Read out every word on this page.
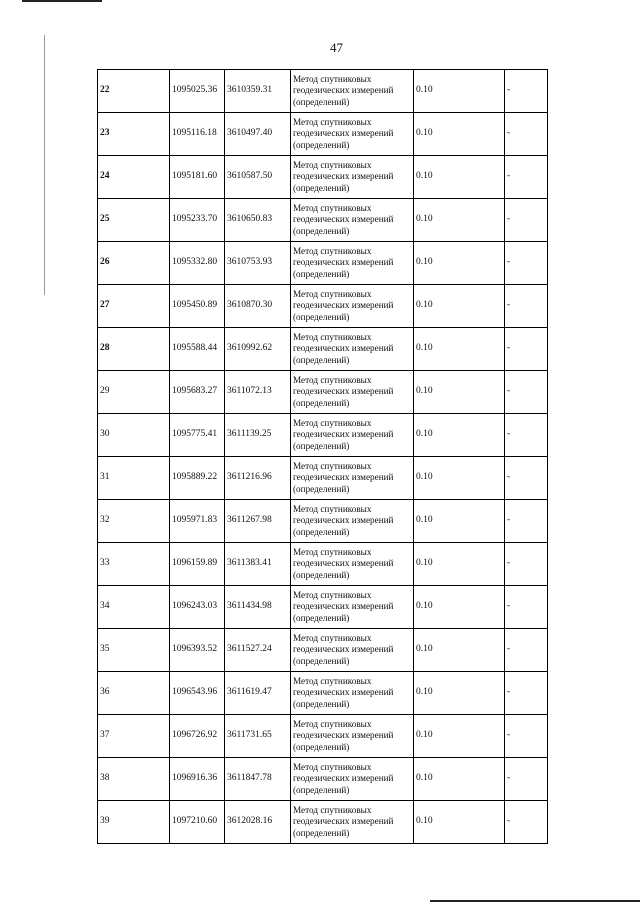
47
22	1095025.36	3610359.31	Метод спутниковых геодезических измерений (определений)	0.10	-
23	1095116.18	3610497.40	Метод спутниковых геодезических измерений (определений)	0.10	-
24	1095181.60	3610587.50	Метод спутниковых геодезических измерений (определений)	0.10	-
25	1095233.70	3610650.83	Метод спутниковых геодезических измерений (определений)	0.10	-
26	1095332.80	3610753.93	Метод спутниковых геодезических измерений (определений)	0.10	-
27	1095450.89	3610870.30	Метод спутниковых геодезических измерений (определений)	0.10	-
28	1095588.44	3610992.62	Метод спутниковых геодезических измерений (определений)	0.10	-
29	1095683.27	3611072.13	Метод спутниковых геодезических измерений (определений)	0.10	-
30	1095775.41	3611139.25	Метод спутниковых геодезических измерений (определений)	0.10	-
31	1095889.22	3611216.96	Метод спутниковых геодезических измерений (определений)	0.10	-
32	1095971.83	3611267.98	Метод спутниковых геодезических измерений (определений)	0.10	-
33	1096159.89	3611383.41	Метод спутниковых геодезических измерений (определений)	0.10	-
34	1096243.03	3611434.98	Метод спутниковых геодезических измерений (определений)	0.10	-
35	1096393.52	3611527.24	Метод спутниковых геодезических измерений (определений)	0.10	-
36	1096543.96	3611619.47	Метод спутниковых геодезических измерений (определений)	0.10	-
37	1096726.92	3611731.65	Метод спутниковых геодезических измерений (определений)	0.10	-
38	1096916.36	3611847.78	Метод спутниковых геодезических измерений (определений)	0.10	-
39	1097210.60	3612028.16	Метод спутниковых геодезических измерений (определений)	0.10	-
